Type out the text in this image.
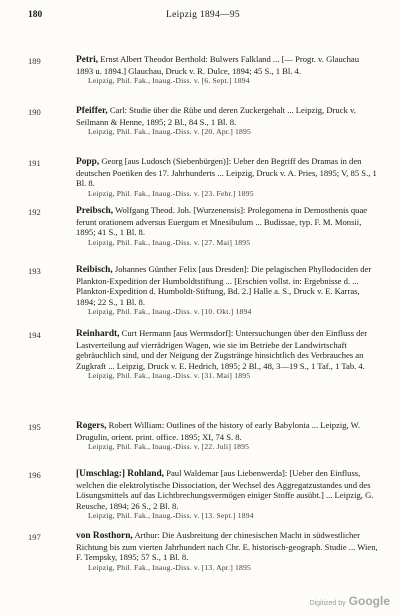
180	Leipzig 1894—95
189	Petri, Ernst Albert Theodor Berthold: Bulwers Falkland ... [— Progr. v. Glauchau 1893 u. 1894.] Glauchau, Druck v. R. Dulce, 1894; 45 S., 1 Bl. 4.
Leipzig, Phil. Fak., Inaug.-Diss. v. [6. Sept.] 1894
190	Pfeiffer, Carl: Studie über die Rübe und deren Zuckergehalt ... Leipzig, Druck v. Seilmann & Henne, 1895; 2 Bl., 84 S., 1 Bl. 8.
Leipzig, Phil. Fak., Inaug.-Diss. v. [20. Apr.] 1895
191	Popp, Georg [aus Ludosch (Siebenbürgen)]: Ueber den Begriff des Dramas in den deutschen Poetiken des 17. Jahrhunderts ... Leipzig, Druck v. A. Pries, 1895; V, 85 S., 1 Bl. 8.
Leipzig, Phil. Fak., Inaug.-Diss. v. [23. Febr.] 1895
192	Preibsch, Wolfgang Theod. Joh. [Wurzenensis]: Prolegomena in Demosthenis quae ferunt orationem adversus Euergum et Mnesibulum ... Budissae, typ. F. M. Monsii, 1895; 41 S., 1 Bl. 8.
Leipzig, Phil. Fak., Inaug.-Diss. v. [27. Mai] 1895
193	Reibisch, Johannes Günther Felix [aus Dresden]: Die pelagischen Phyllodociden der Plankton-Expedition der Humboldtstiftung ... [Erschien vollst. in: Ergebnisse d. ... Plankton-Expedition d. Humboldt-Stiftung, Bd. 2.] Halle a. S., Druck v. E. Karras, 1894; 22 S., 1 Bl. 8.
Leipzig, Phil. Fak., Inaug.-Diss. v. [10. Okt.] 1894
194	Reinhardt, Curt Hermann [aus Wermsdorf]: Untersuchungen über den Einfluss der Lastverteilung auf vierrädrigen Wagen, wie sie im Betriebe der Landwirtschaft gebräuchlich sind, und der Neigung der Zugstränge hinsichtlich des Verbrauches an Zugkraft ... Leipzig, Druck v. E. Hedrich, 1895; 2 Bl., 48, 3—19 S., 1 Taf., 1 Tab. 4.
Leipzig, Phil. Fak., Inaug.-Diss. v. [31. Mai] 1895
195	Rogers, Robert William: Outlines of the history of early Babylonia ... Leipzig, W. Drugulin, orient. print. office. 1895; XI, 74 S. 8.
Leipzig, Phil. Fak., Inaug.-Diss. v. [22. Juli] 1895
196	[Umschlag:] Rohland, Paul Waldemar [aus Liebenwerda]: [Ueber den Einfluss, welchen die elektrolytische Dissociation, der Wechsel des Aggregatzustandes und des Lösungsmittels auf das Lichtbrechungsvermögen einiger Stoffe ausübt.] ... Leipzig, G. Reusche, 1894; 26 S., 2 Bl. 8.
Leipzig, Phil. Fak., Inaug.-Diss. v. [13. Sept.] 1894
197	von Rosthorn, Arthur: Die Ausbreitung der chinesischen Macht in südwestlicher Richtung bis zum vierten Jahrhundert nach Chr. E. historisch-geograph. Studie ... Wien, F. Tempsky, 1895; 57 S., 1 Bl. 8.
Leipzig, Phil. Fak., Inaug.-Diss. v. [13. Apr.] 1895
Digitized by Google
